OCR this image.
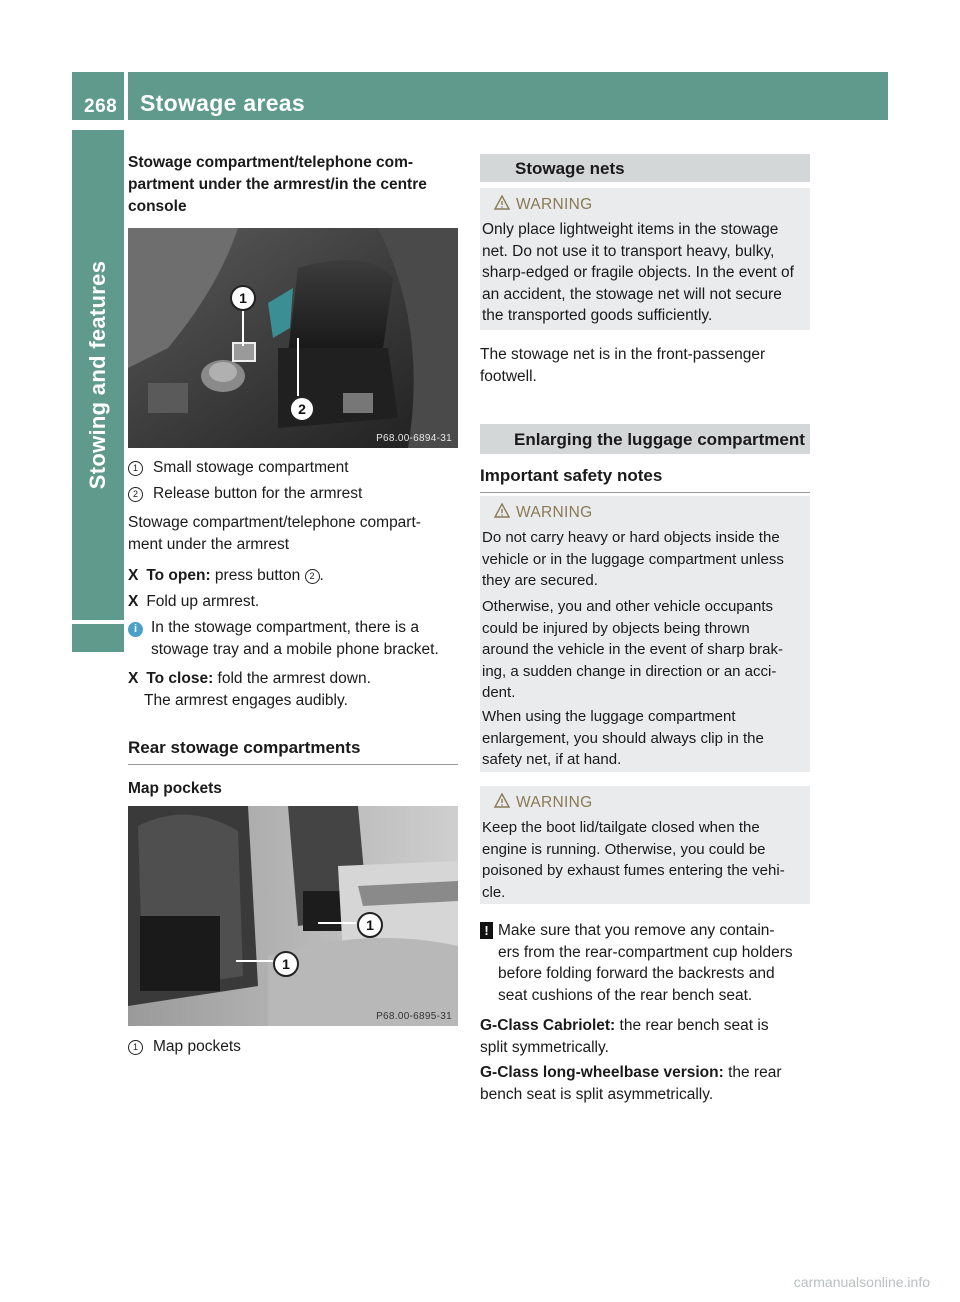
268 Stowage areas
Stowing and features
Stowage compartment/telephone com-
partment under the armrest/in the centre
console
1
2
P68.00-6894-31
1 Small stowage compartment
2 Release button for the armrest
Stowage compartment/telephone compart-
ment under the armrest
X To open: press button 2 .
X Fold up armrest.
i In the stowage compartment, there is a
stowage tray and a mobile phone bracket.
X To close: fold the armrest down.
The armrest engages audibly.
Rear stowage compartments
Map pockets
1
1
P68.00-6895-31
1 Map pockets
Stowage nets
WARNING
Only place lightweight items in the stowage
net. Do not use it to transport heavy, bulky,
sharp-edged or fragile objects. In the event of
an accident, the stowage net will not secure
the transported goods sufficiently.
The stowage net is in the front-passenger
footwell.
Enlarging the luggage compartment
Important safety notes
WARNING
Do not carry heavy or hard objects inside the
vehicle or in the luggage compartment unless
they are secured.
Otherwise, you and other vehicle occupants
could be injured by objects being thrown
around the vehicle in the event of sharp brak-
ing, a sudden change in direction or an acci-
dent.
When using the luggage compartment
enlargement, you should always clip in the
safety net, if at hand.
WARNING
Keep the boot lid/tailgate closed when the
engine is running. Otherwise, you could be
poisoned by exhaust fumes entering the vehi-
cle.
! Make sure that you remove any contain-
ers from the rear-compartment cup holders
before folding forward the backrests and
seat cushions of the rear bench seat.
G-Class Cabriolet: the rear bench seat is
split symmetrically.
G-Class long-wheelbase version: the rear
bench seat is split asymmetrically.
carmanualsonline.info
